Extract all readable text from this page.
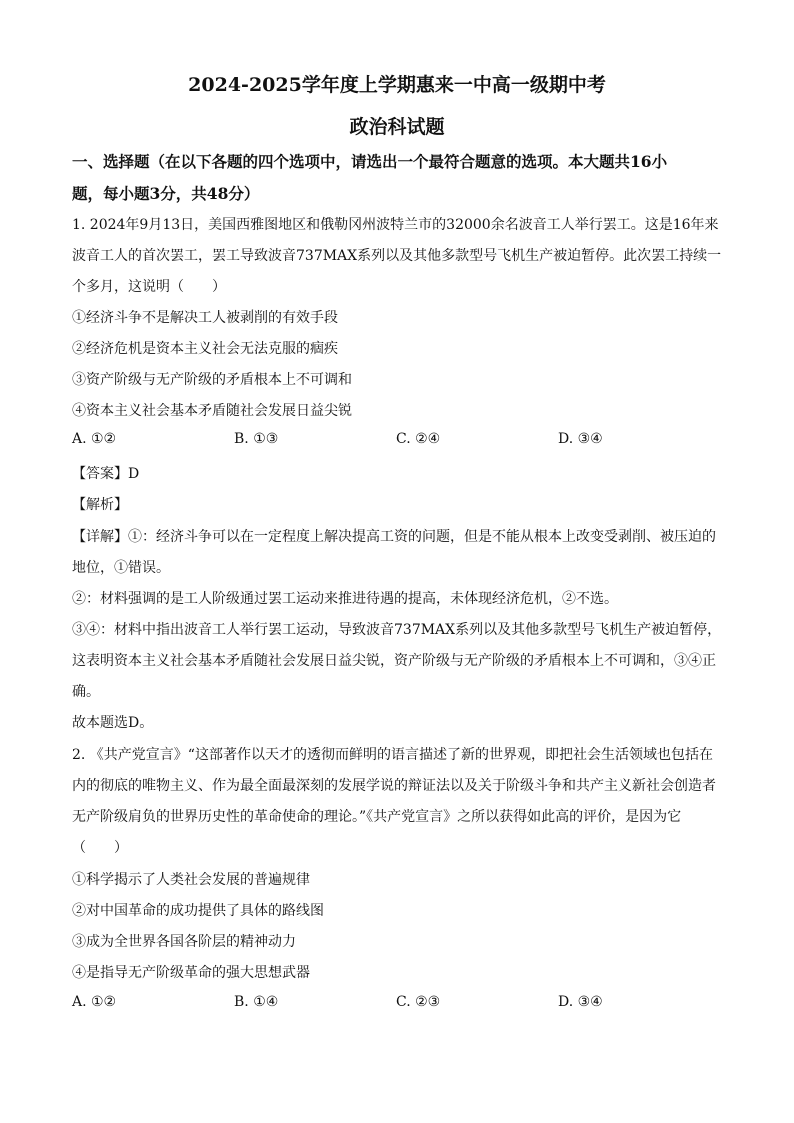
2024-2025学年度上学期惠来一中高一级期中考
政治科试题
一、选择题（在以下各题的四个选项中，请选出一个最符合题意的选项。本大题共16小
题，每小题3分，共48分）
1. 2024年9月13日，美国西雅图地区和俄勒冈州波特兰市的32000余名波音工人举行罢工。这是16年来
波音工人的首次罢工，罢工导致波音737MAX系列以及其他多款型号飞机生产被迫暂停。此次罢工持续一
个多月，这说明（　　）
①经济斗争不是解决工人被剥削的有效手段
②经济危机是资本主义社会无法克服的痼疾
③资产阶级与无产阶级的矛盾根本上不可调和
④资本主义社会基本矛盾随社会发展日益尖锐
A. ①②	B. ①③	C. ②④	D. ③④
【答案】D
【解析】
【详解】①：经济斗争可以在一定程度上解决提高工资的问题，但是不能从根本上改变受剥削、被压迫的
地位，①错误。
②：材料强调的是工人阶级通过罢工运动来推进待遇的提高，未体现经济危机，②不选。
③④：材料中指出波音工人举行罢工运动，导致波音737MAX系列以及其他多款型号飞机生产被迫暂停，
这表明资本主义社会基本矛盾随社会发展日益尖锐，资产阶级与无产阶级的矛盾根本上不可调和，③④正
确。
故本题选D。
2. 《共产党宣言》“这部著作以天才的透彻而鲜明的语言描述了新的世界观，即把社会生活领域也包括在
内的彻底的唯物主义、作为最全面最深刻的发展学说的辩证法以及关于阶级斗争和共产主义新社会创造者
无产阶级肩负的世界历史性的革命使命的理论。”《共产党宣言》之所以获得如此高的评价，是因为它
（　　）
①科学揭示了人类社会发展的普遍规律
②对中国革命的成功提供了具体的路线图
③成为全世界各国各阶层的精神动力
④是指导无产阶级革命的强大思想武器
A. ①②	B. ①④	C. ②③	D. ③④
